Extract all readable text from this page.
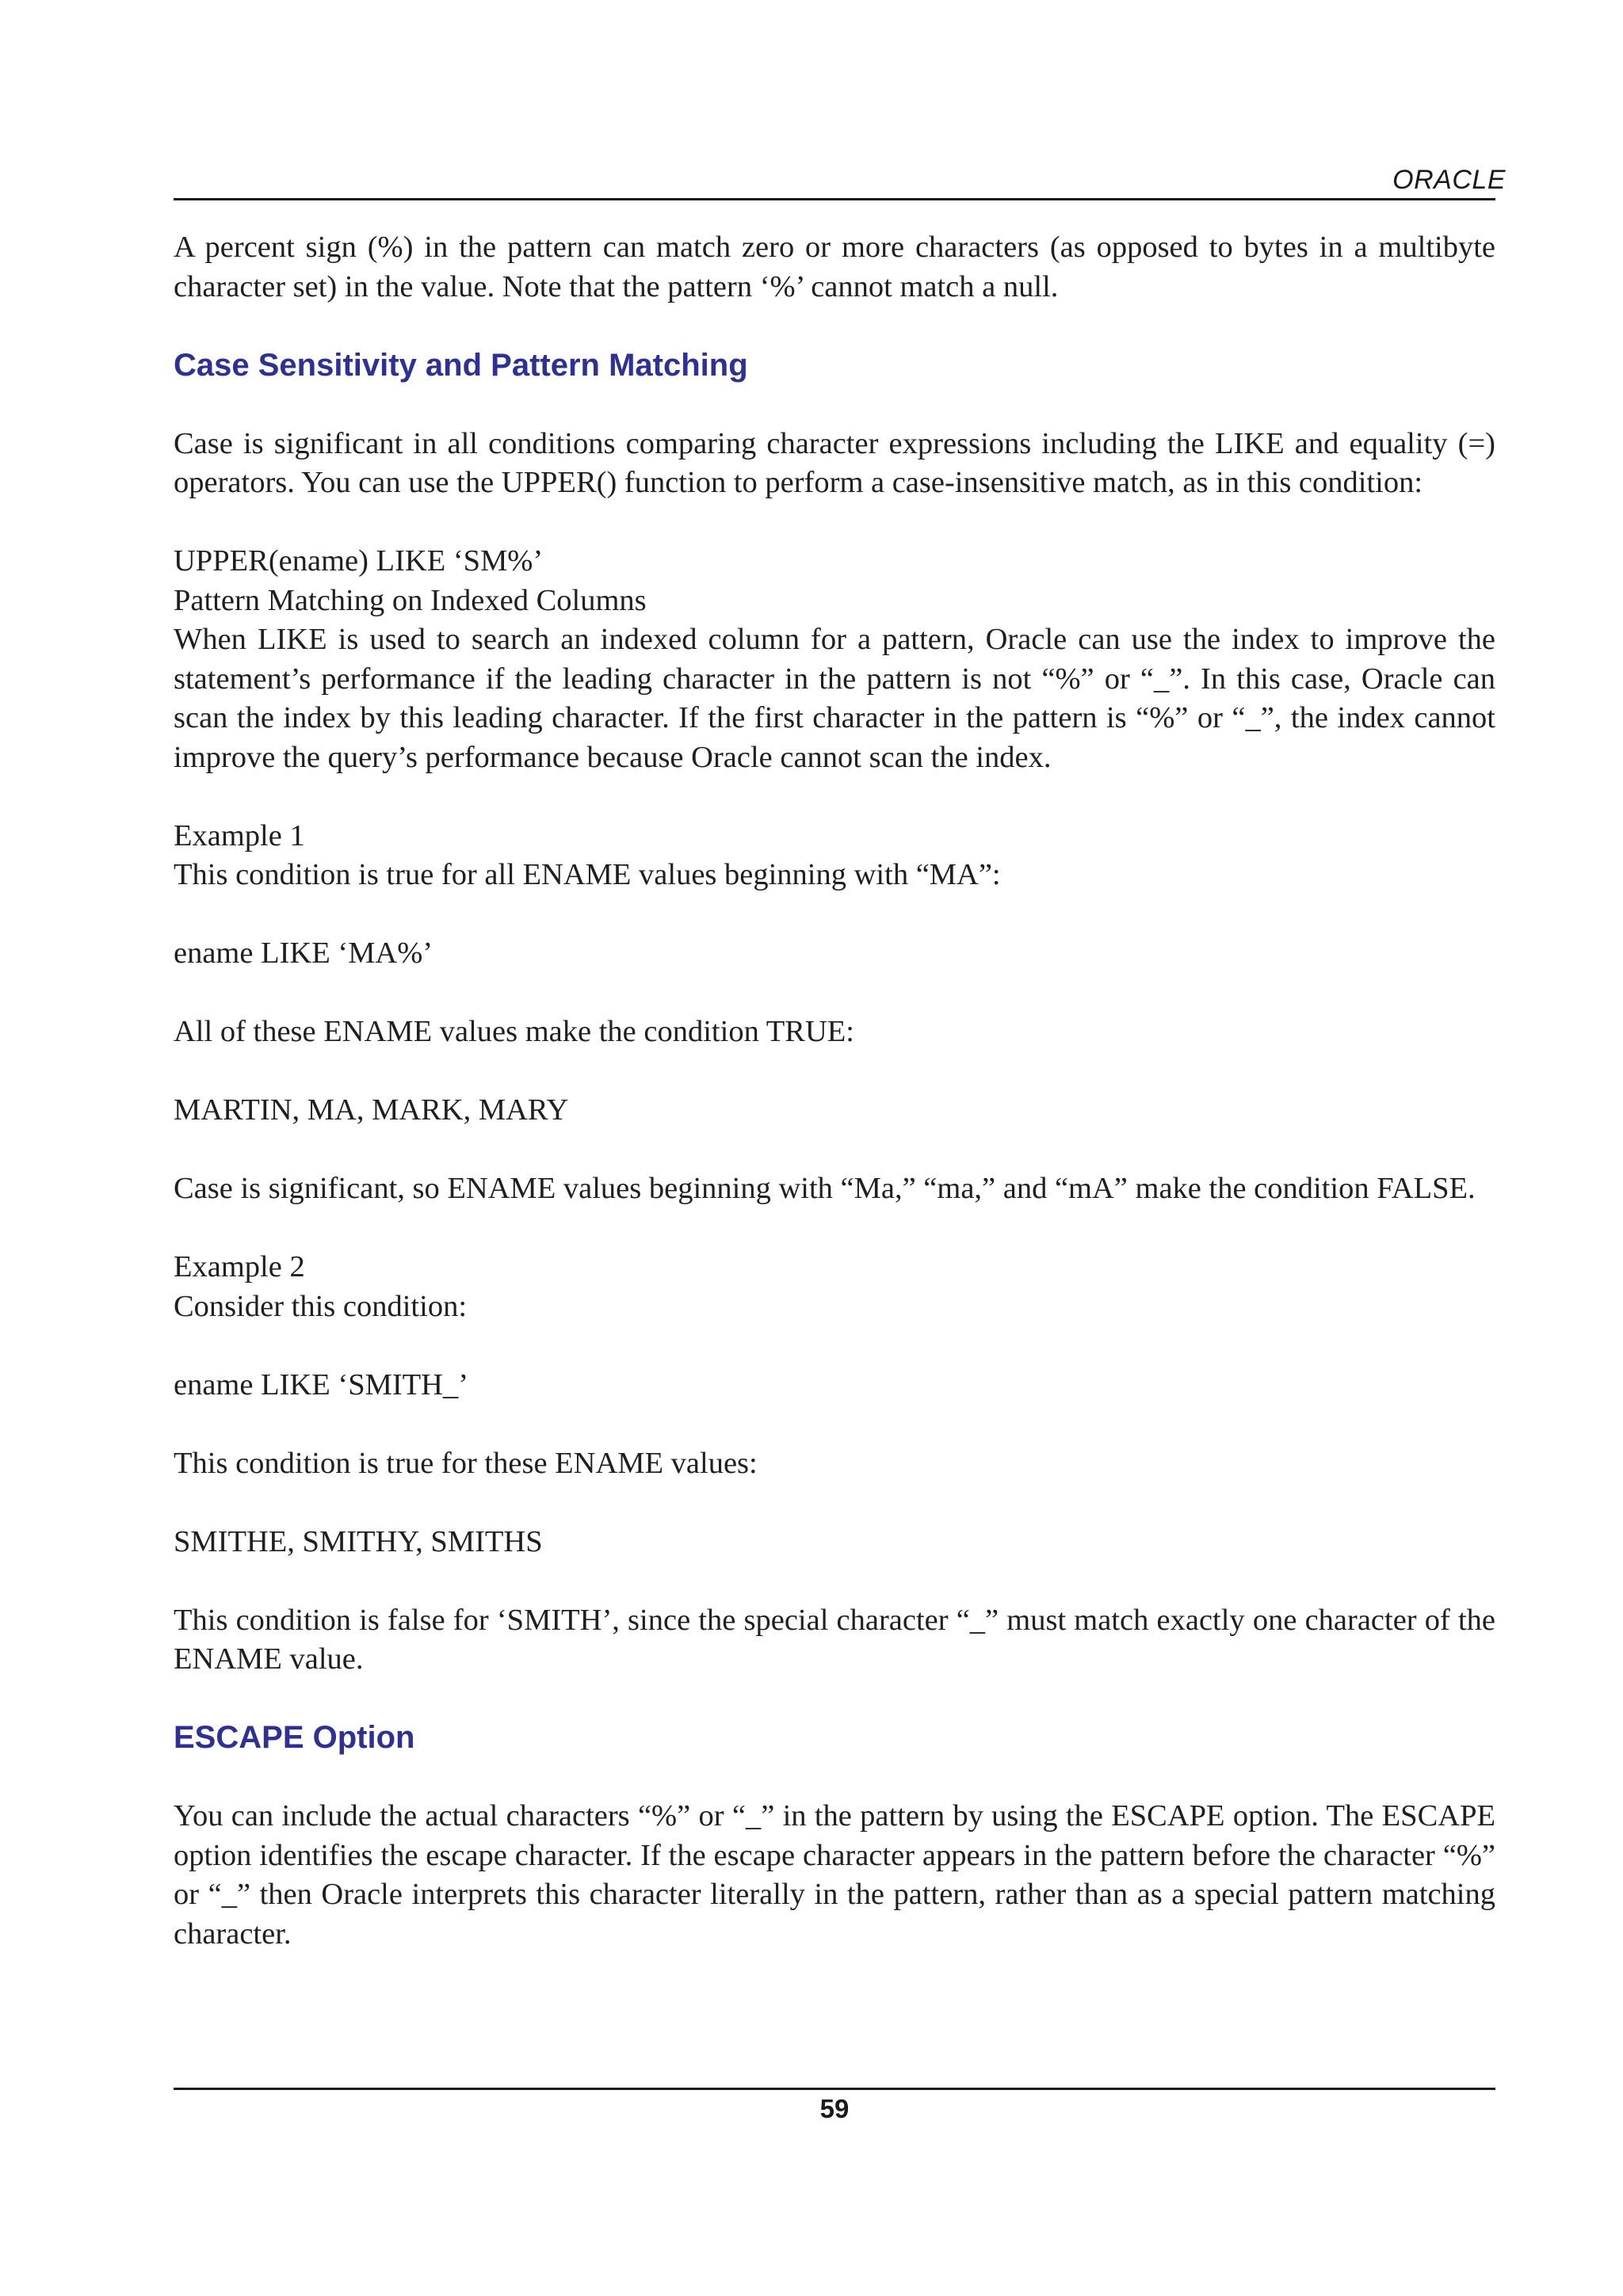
ORACLE

A percent sign (%) in the pattern can match zero or more characters (as opposed to bytes in a multibyte character set) in the value. Note that the pattern ‘%’ cannot match a null.

Case Sensitivity and Pattern Matching

Case is significant in all conditions comparing character expressions including the LIKE and equality (=) operators. You can use the UPPER() function to perform a case-insensitive match, as in this condition:

UPPER(ename) LIKE ‘SM%’

Pattern Matching on Indexed Columns

When LIKE is used to search an indexed column for a pattern, Oracle can use the index to improve the statement’s performance if the leading character in the pattern is not “%” or “_”. In this case, Oracle can scan the index by this leading character. If the first character in the pattern is “%” or “_”, the index cannot improve the query’s performance because Oracle cannot scan the index.

Example 1

This condition is true for all ENAME values beginning with “MA”:

ename LIKE ‘MA%’

All of these ENAME values make the condition TRUE:

MARTIN, MA, MARK, MARY

Case is significant, so ENAME values beginning with “Ma,” “ma,” and “mA” make the condition FALSE.

Example 2

Consider this condition:

ename LIKE ‘SMITH_’

This condition is true for these ENAME values:

SMITHE, SMITHY, SMITHS

This condition is false for ‘SMITH’, since the special character “_” must match exactly one character of the ENAME value.

ESCAPE Option

You can include the actual characters “%” or “_” in the pattern by using the ESCAPE option. The ESCAPE option identifies the escape character. If the escape character appears in the pattern before the character “%” or “_” then Oracle interprets this character literally in the pattern, rather than as a special pattern matching character.

59
